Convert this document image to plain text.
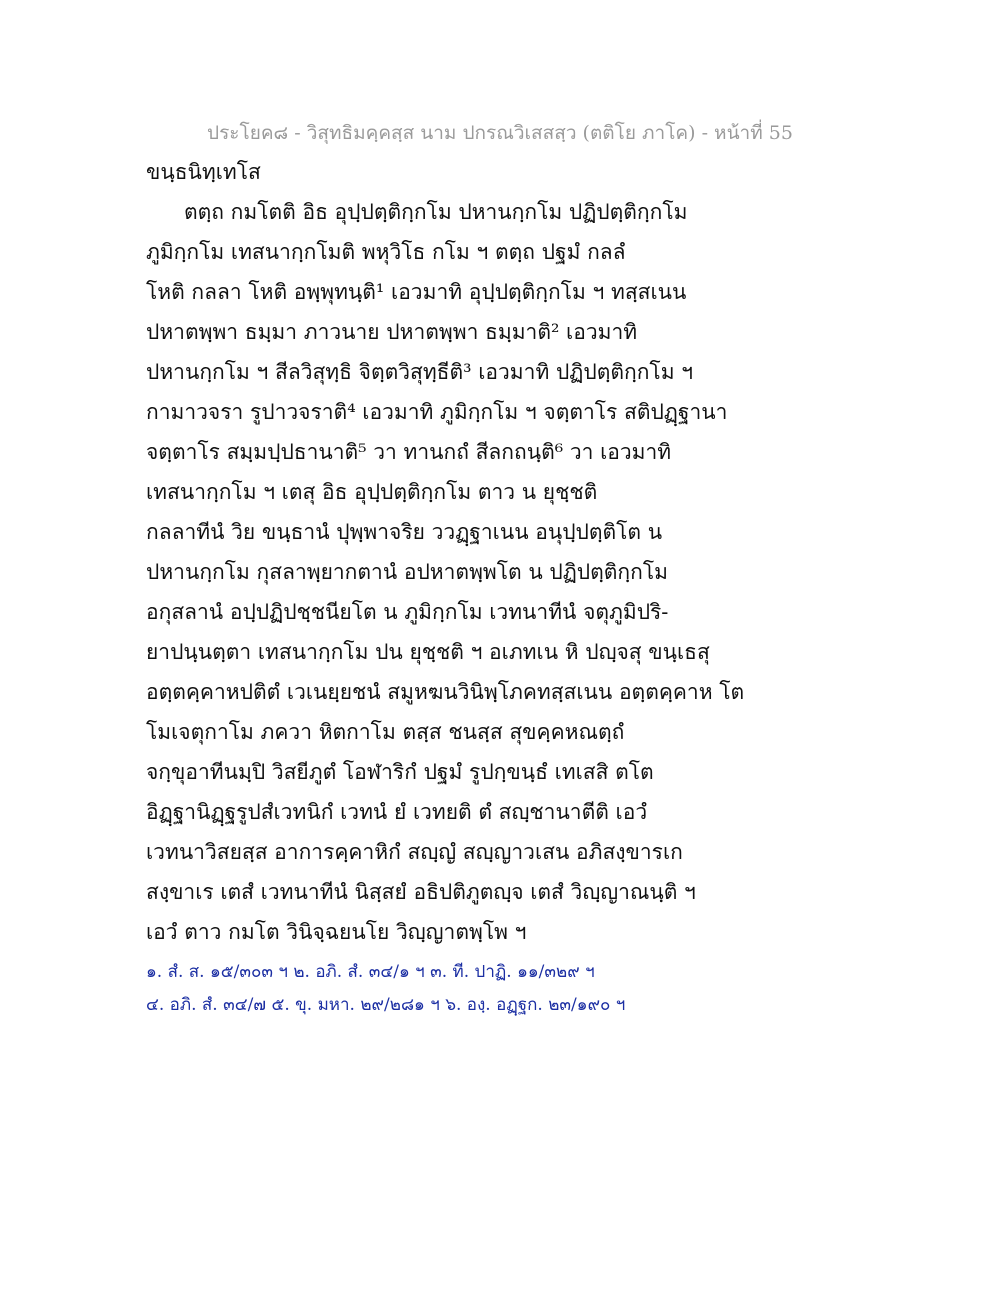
ประโยค๘ - วิสุทธิมคฺคสฺส นาม ปกรณวิเสสสฺว (ตติโย ภาโค) - หน้าที่ 55
ขนฺธนิทฺเทโส
ตตฺถ กมโตติ อิธ อุปฺปตฺติกฺกโม ปหานกฺกโม ปฏิปตฺติกฺกโม
ภูมิกฺกโม เทสนากฺกโมติ พหุวิโธ กโม ฯ ตตฺถ ปฐมํ กลลํ
โหติ กลลา โหติ อพฺพุทนฺติ¹ เอวมาทิ อุปฺปตฺติกฺกโม ฯ ทสฺสเนน
ปหาตพฺพา ธมฺมา ภาวนาย ปหาตพฺพา ธมฺมาติ² เอวมาทิ
ปหานกฺกโม ฯ สีลวิสุทฺธิ จิตฺตวิสุทฺธีติ³ เอวมาทิ ปฏิปตฺติกฺกโม ฯ
กามาวจรา รูปาวจราติ⁴ เอวมาทิ ภูมิกฺกโม ฯ จตฺตาโร สติปฏฺฐานา
จตฺตาโร สมฺมปฺปธานาติ⁵ วา ทานกถํ สีลกถนฺติ⁶ วา เอวมาทิ
เทสนากฺกโม ฯ เตสุ อิธ อุปฺปตฺติกฺกโม ตาว น ยุชฺชติ
กลลาทีนํ วิย ขนฺธานํ ปุพฺพาจริย ววฏฺฐาเนน อนุปฺปตฺติโต น
ปหานกฺกโม กุสลาพฺยากตานํ อปหาตพฺพโต น ปฏิปตฺติกฺกโม
อกุสลานํ อปฺปฏิปชฺชนียโต น ภูมิกฺกโม เวทนาทีนํ จตุภูมิปริ-
ยาปนฺนตฺตา เทสนากฺกโม ปน ยุชฺชติ ฯ อเภทเน หิ ปญฺจสุ ขนฺเธสุ
อตฺตคฺคาหปติตํ เวเนยฺยชนํ สมูหฆนวินิพฺโภคทสฺสเนน อตฺตคฺคาห โต
โมเจตุกาโม ภควา หิตกาโม ตสฺส ชนสฺส สุขคฺคหณตฺถํ
จกฺขุอาทีนมฺปิ วิสยีภูตํ โอฬาริกํ ปฐมํ รูปกฺขนฺธํ เทเสสิ ตโต
อิฏฺฐานิฏฺฐรูปสํเวทนิกํ เวทนํ ยํ เวทยติ ตํ สญฺชานาตีติ เอวํ
เวทนาวิสยสฺส อาการคฺคาหิกํ สญฺญํ สญฺญาวเสน อภิสงฺขารเก
สงฺขาเร เตสํ เวทนาทีนํ นิสฺสยํ อธิปติภูตญฺจ เตสํ วิญฺญาณนฺติ ฯ
เอวํ ตาว กมโต วินิจฺฉยนโย วิญฺญาตพฺโพ ฯ
๑. สํ. ส. ๑๕/๓๐๓ ฯ ๒. อภิ. สํ. ๓๔/๑ ฯ ๓. ที. ปาฏิ. ๑๑/๓๒๙ ฯ
๔. อภิ. สํ. ๓๔/๗ ๕. ขุ. มหา. ๒๙/๒๘๑ ฯ ๖. องฺ. อฏฺฐก. ๒๓/๑๙๐ ฯ
